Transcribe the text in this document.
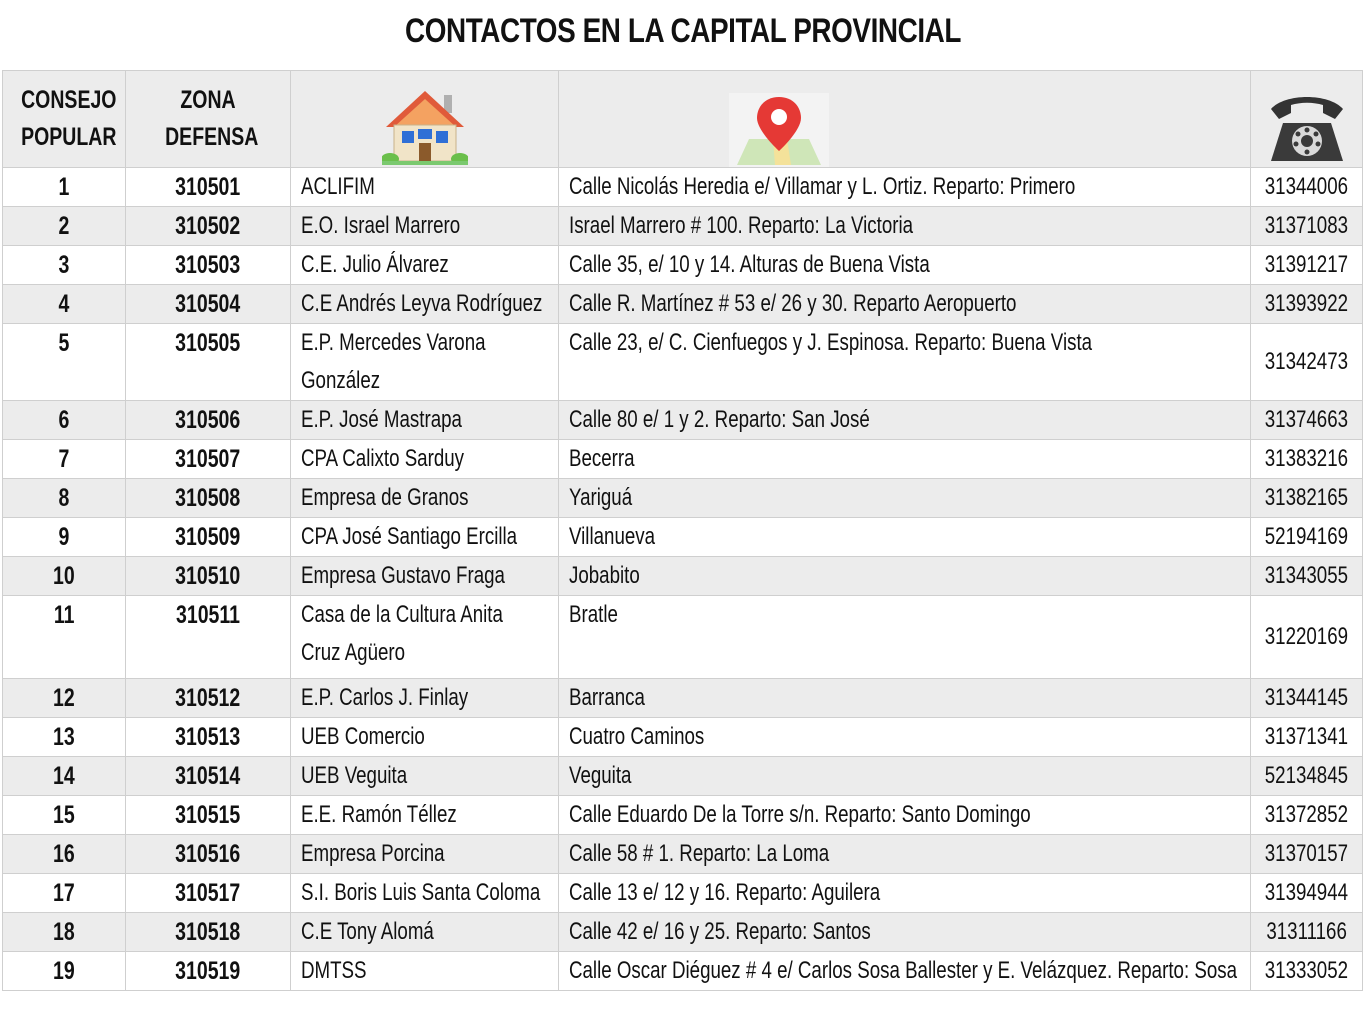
CONTACTOS EN LA CAPITAL PROVINCIAL
CONSEJO POPULAR	ZONA DEFENSA	

1	310501	ACLIFIM	Calle Nicolás Heredia e/ Villamar y L. Ortiz. Reparto: Primero	31344006
2	310502	E.O. Israel Marrero	Israel Marrero # 100. Reparto: La Victoria	31371083
3	310503	C.E. Julio Álvarez	Calle 35, e/ 10 y 14. Alturas de Buena Vista	31391217
4	310504	C.E Andrés Leyva Rodríguez	Calle R. Martínez # 53 e/ 26 y 30. Reparto Aeropuerto	31393922
5	310505	E.P. Mercedes Varona González	Calle 23, e/ C. Cienfuegos y J. Espinosa. Reparto: Buena Vista	31342473
6	310506	E.P. José Mastrapa	Calle 80 e/ 1 y 2. Reparto: San José	31374663
7	310507	CPA Calixto Sarduy	Becerra	31383216
8	310508	Empresa de Granos	Yariguá	31382165
9	310509	CPA José Santiago Ercilla	Villanueva	52194169
10	310510	Empresa Gustavo Fraga	Jobabito	31343055
11	310511	Casa de la Cultura Anita Cruz Agüero	Bratle	31220169
12	310512	E.P. Carlos J. Finlay	Barranca	31344145
13	310513	UEB Comercio	Cuatro Caminos	31371341
14	310514	UEB Veguita	Veguita	52134845
15	310515	E.E. Ramón Téllez	Calle Eduardo De la Torre s/n. Reparto: Santo Domingo	31372852
16	310516	Empresa Porcina	Calle 58 # 1. Reparto: La Loma	31370157
17	310517	S.I. Boris Luis Santa Coloma	Calle 13 e/ 12 y 16. Reparto: Aguilera	31394944
18	310518	C.E Tony Alomá	Calle 42 e/ 16 y 25. Reparto: Santos	31311166
19	310519	DMTSS	Calle Oscar Diéguez # 4 e/ Carlos Sosa Ballester y E. Velázquez. Reparto: Sosa	31333052
